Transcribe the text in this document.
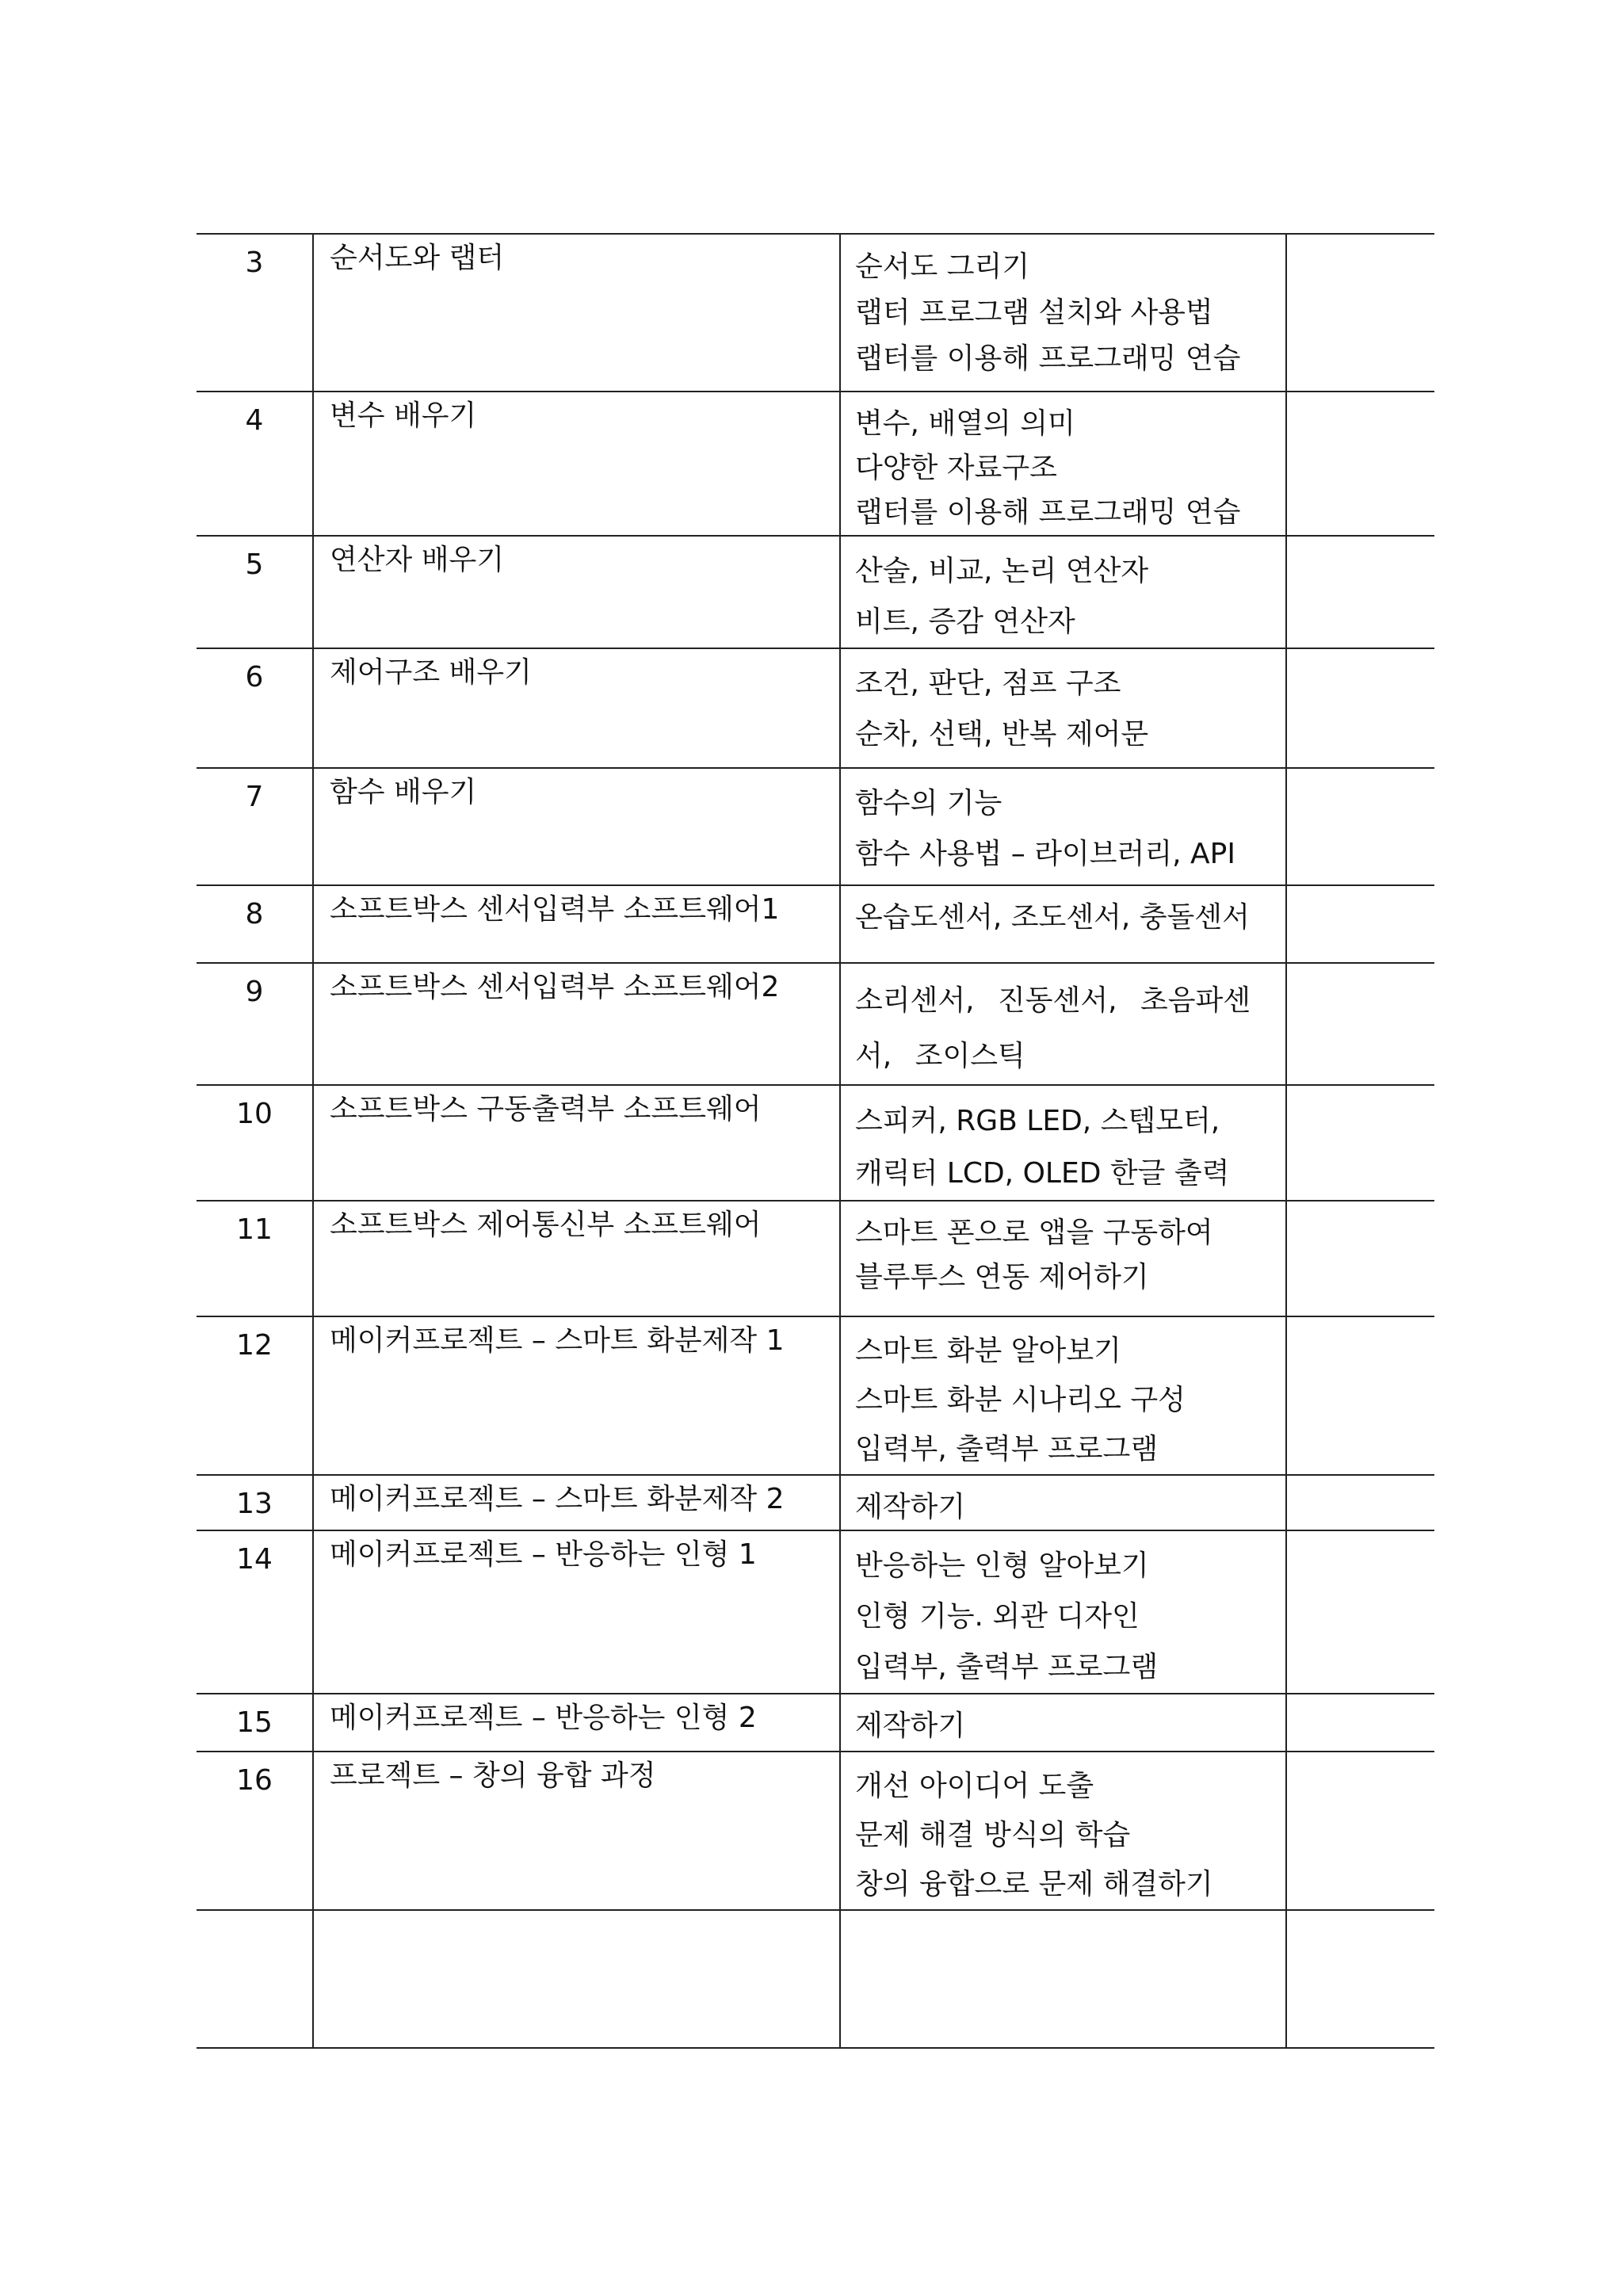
3	순서도와 랩터	순서도 그리기
랩터 프로그램 설치와 사용법
랩터를 이용해 프로그래밍 연습	

4	변수 배우기	변수, 배열의 의미
다양한 자료구조
랩터를 이용해 프로그래밍 연습	

5	연산자 배우기	산술, 비교, 논리 연산자
비트, 증감 연산자	

6	제어구조 배우기	조건, 판단, 점프 구조
순차, 선택, 반복 제어문	

7	함수 배우기	함수의 기능
함수 사용법 – 라이브러리, API	

8	소프트박스 센서입력부 소프트웨어1	온습도센서, 조도센서, 충돌센서	

9	소프트박스 센서입력부 소프트웨어2	소리센서, 진동센서, 초음파센서, 조이스틱	

10	소프트박스 구동출력부 소프트웨어	스피커, RGB LED, 스텝모터,
캐릭터 LCD, OLED 한글 출력	

11	소프트박스 제어통신부 소프트웨어	스마트 폰으로 앱을 구동하여
블루투스 연동 제어하기	

12	메이커프로젝트 – 스마트 화분제작 1	스마트 화분 알아보기
스마트 화분 시나리오 구성
입력부, 출력부 프로그램	

13	메이커프로젝트 – 스마트 화분제작 2	제작하기	

14	메이커프로젝트 – 반응하는 인형 1	반응하는 인형 알아보기
인형 기능. 외관 디자인
입력부, 출력부 프로그램	

15	메이커프로젝트 – 반응하는 인형 2	제작하기	

16	프로젝트 – 창의 융합 과정	개선 아이디어 도출
문제 해결 방식의 학습
창의 융합으로 문제 해결하기	
